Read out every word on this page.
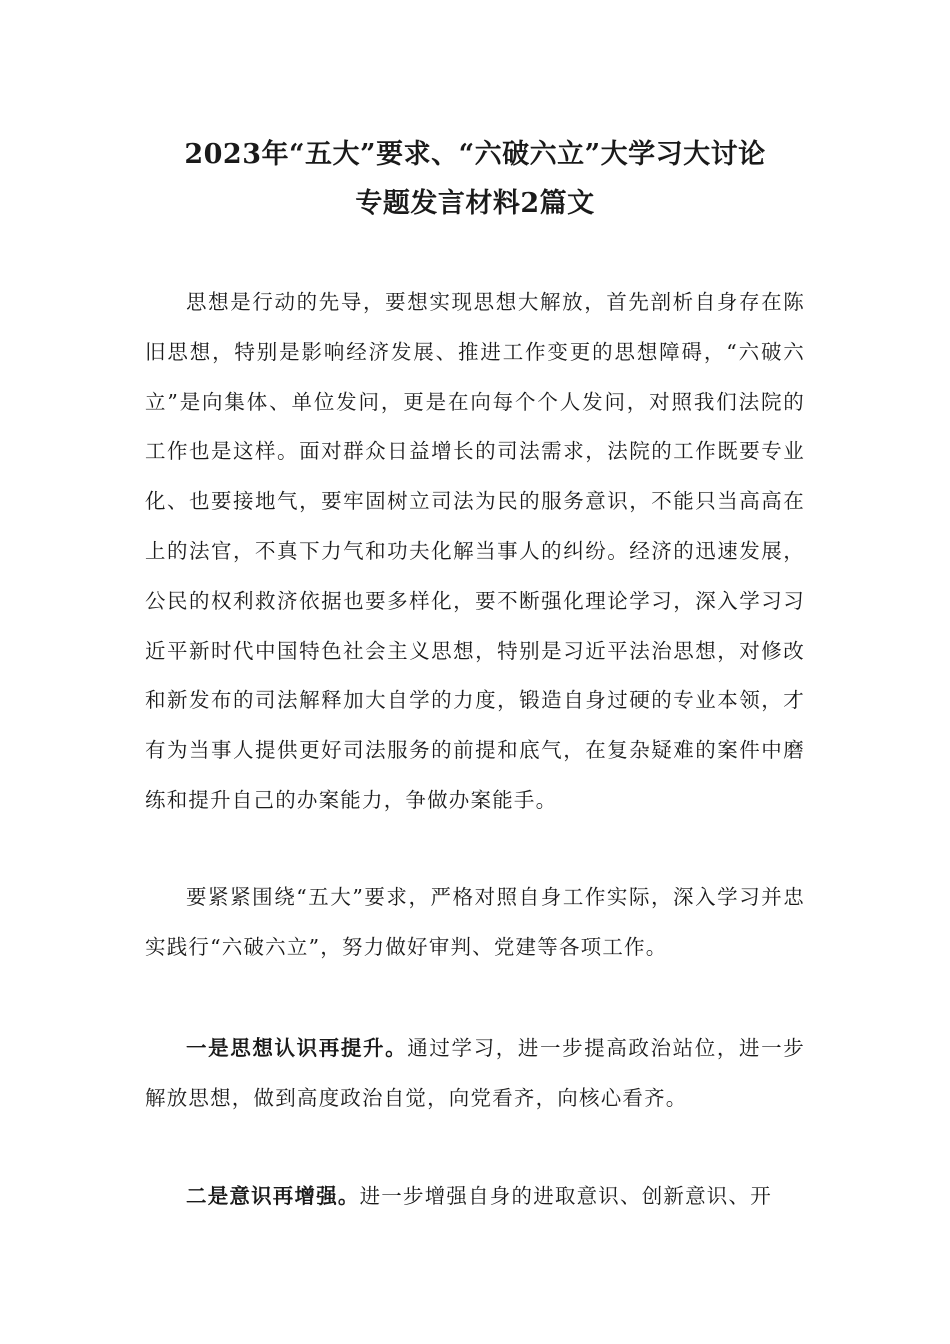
2023年“五大”要求、“六破六立”大学习大讨论
专题发言材料2篇文

思想是行动的先导，要想实现思想大解放，首先剖析自身存在陈旧思想，特别是影响经济发展、推进工作变更的思想障碍，“六破六立”是向集体、单位发问，更是在向每个个人发问，对照我们法院的工作也是这样。面对群众日益增长的司法需求，法院的工作既要专业化、也要接地气，要牢固树立司法为民的服务意识，不能只当高高在上的法官，不真下力气和功夫化解当事人的纠纷。经济的迅速发展，公民的权利救济依据也要多样化，要不断强化理论学习，深入学习习近平新时代中国特色社会主义思想，特别是习近平法治思想，对修改和新发布的司法解释加大自学的力度，锻造自身过硬的专业本领，才有为当事人提供更好司法服务的前提和底气，在复杂疑难的案件中磨练和提升自己的办案能力，争做办案能手。

要紧紧围绕“五大”要求，严格对照自身工作实际，深入学习并忠实践行“六破六立”，努力做好审判、党建等各项工作。

一是思想认识再提升。通过学习，进一步提高政治站位，进一步解放思想，做到高度政治自觉，向党看齐，向核心看齐。

二是意识再增强。进一步增强自身的进取意识、创新意识、开
